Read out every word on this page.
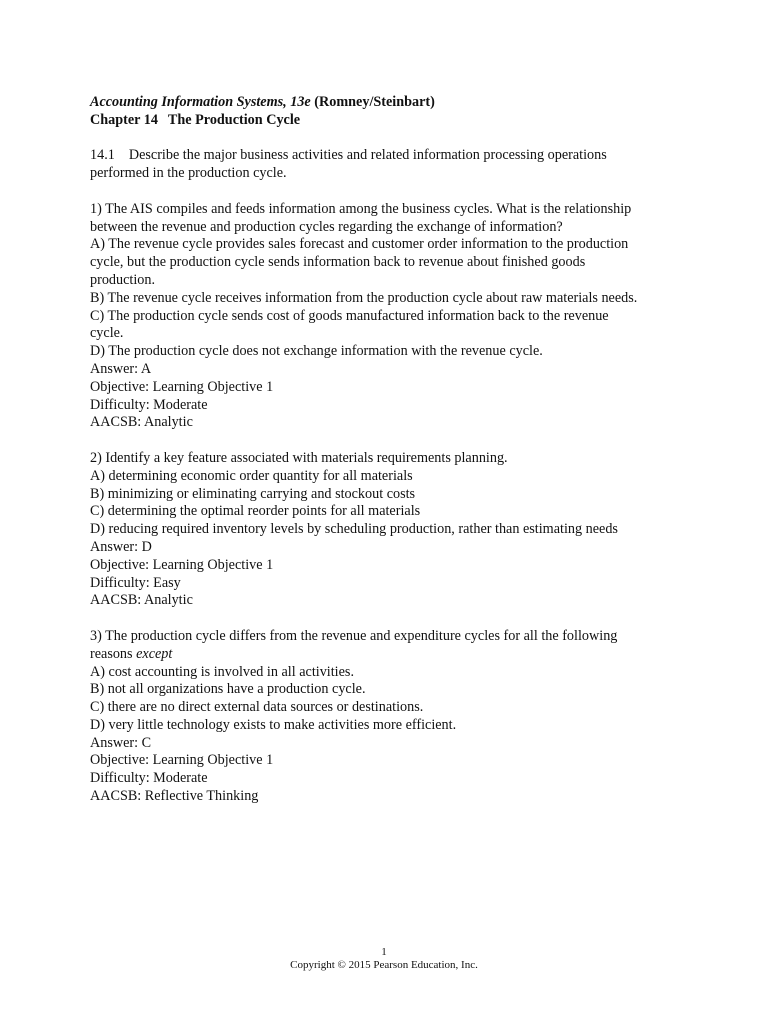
Accounting Information Systems, 13e (Romney/Steinbart)
Chapter 14 The Production Cycle
14.1 Describe the major business activities and related information processing operations
performed in the production cycle.
1) The AIS compiles and feeds information among the business cycles. What is the relationship
between the revenue and production cycles regarding the exchange of information?
A) The revenue cycle provides sales forecast and customer order information to the production
cycle, but the production cycle sends information back to revenue about finished goods
production.
B) The revenue cycle receives information from the production cycle about raw materials needs.
C) The production cycle sends cost of goods manufactured information back to the revenue
cycle.
D) The production cycle does not exchange information with the revenue cycle.
Answer: A
Objective: Learning Objective 1
Difficulty: Moderate
AACSB: Analytic
2) Identify a key feature associated with materials requirements planning.
A) determining economic order quantity for all materials
B) minimizing or eliminating carrying and stockout costs
C) determining the optimal reorder points for all materials
D) reducing required inventory levels by scheduling production, rather than estimating needs
Answer: D
Objective: Learning Objective 1
Difficulty: Easy
AACSB: Analytic
3) The production cycle differs from the revenue and expenditure cycles for all the following
reasons except
A) cost accounting is involved in all activities.
B) not all organizations have a production cycle.
C) there are no direct external data sources or destinations.
D) very little technology exists to make activities more efficient.
Answer: C
Objective: Learning Objective 1
Difficulty: Moderate
AACSB: Reflective Thinking
1
Copyright © 2015 Pearson Education, Inc.
